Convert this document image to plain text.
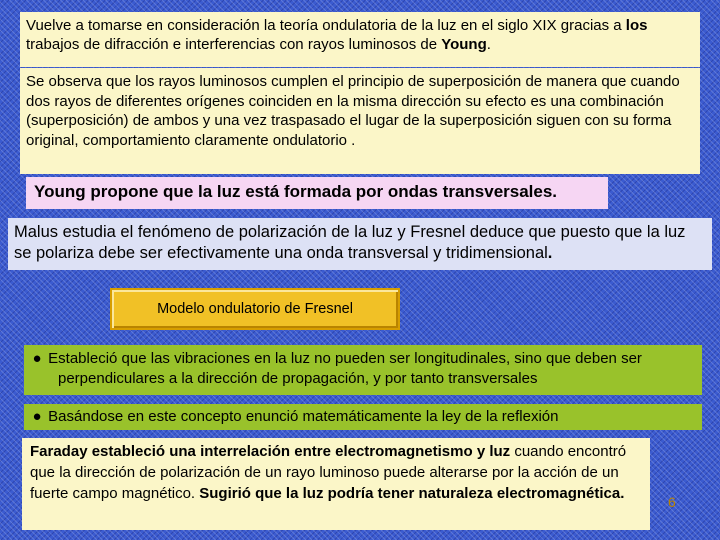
Vuelve a tomarse en consideración la teoría ondulatoria de la luz en el siglo XIX gracias a los trabajos de difracción e interferencias con rayos luminosos de Young.
Se observa que los rayos luminosos cumplen el principio de superposición de manera que cuando dos rayos de diferentes orígenes coinciden en la misma dirección su efecto es una combinación (superposición) de ambos y una vez traspasado el lugar de la superposición siguen con su forma original, comportamiento claramente ondulatorio .
Young propone que la luz está formada por ondas transversales.
Malus estudia el fenómeno de polarización de la luz y Fresnel deduce que puesto que la luz se polariza debe ser efectivamente una onda transversal y tridimensional.
Modelo ondulatorio de Fresnel
● Estableció que las vibraciones en la luz no pueden ser longitudinales, sino que deben ser
perpendiculares a la dirección de propagación, y por tanto transversales
● Basándose en este concepto enunció matemáticamente la ley de la reflexión
Faraday estableció una interrelación entre electromagnetismo y luz cuando encontró que la dirección de polarización de un rayo luminoso puede alterarse por la acción de un fuerte campo magnético. Sugirió que la luz podría tener naturaleza electromagnética.	6
